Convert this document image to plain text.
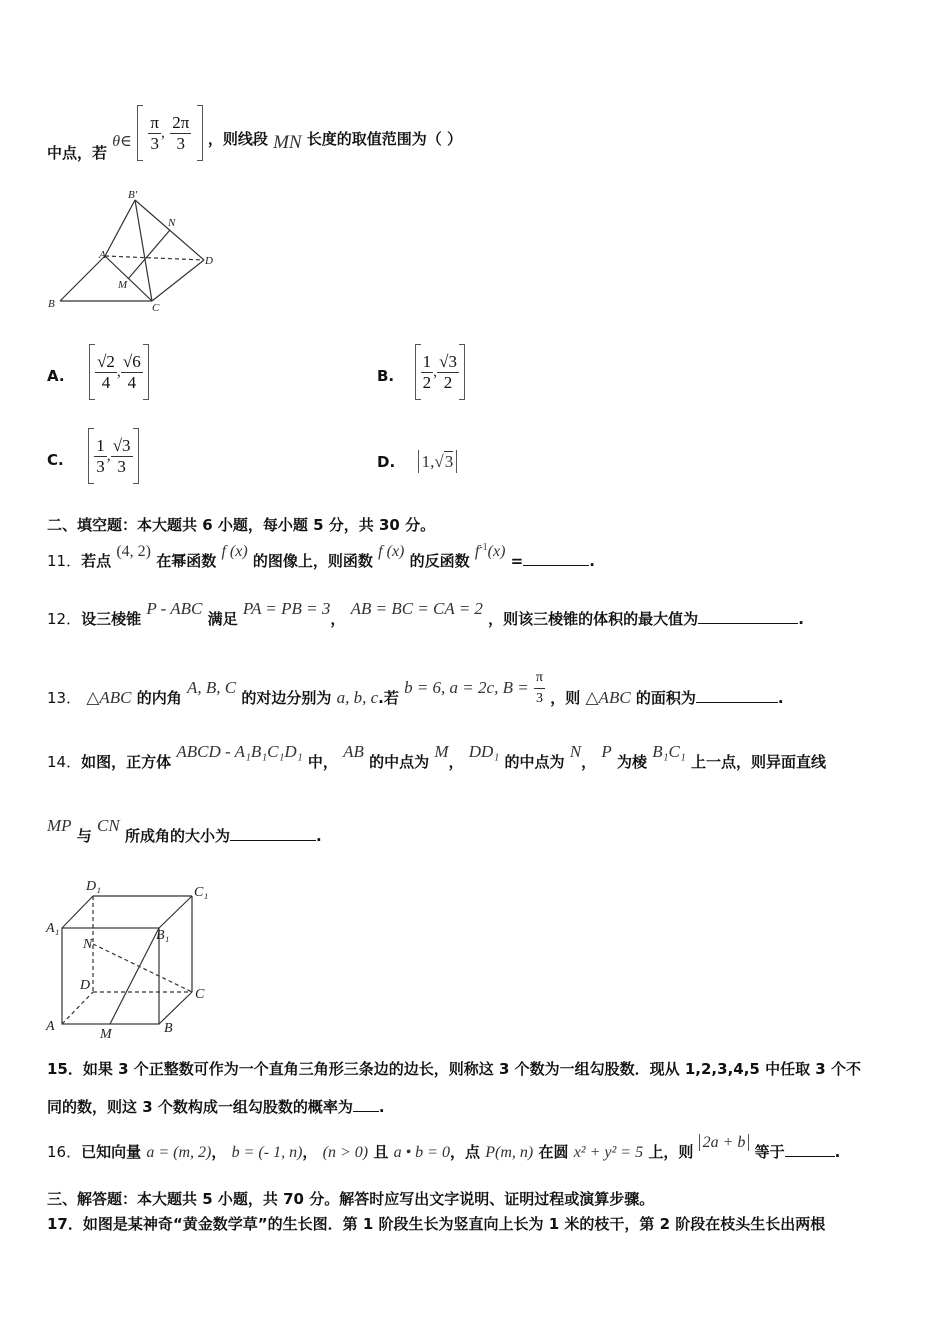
中点，若 θ∈ $\frac{\pi}{3}$ , $\frac{2\pi}{3}$ ，则线段 MN 长度的取值范围为（ ）
B′
N
A	D
M
B	C
A. $\frac{√2}{4}$ , $\frac{√6}{4}$	B. $\frac{1}{2}$ , $\frac{√3}{2}$
C. $\frac{1}{3}$ , $\frac{√3}{3}$	D. 1,√3
二、填空题：本大题共 6 小题，每小题 5 分，共 30 分。
11．若点 (4, 2) 在幂函数 f (x) 的图像上，则函数 f (x) 的反函数 $f^{-1}(x)$ =	.
12．设三棱锥 P - ABC 满足 PA = PB = 3， AB = BC = CA = 2 ，则该三棱锥的体积的最大值为	.
13． △ABC 的内角 A, B, C 的对边分别为 a, b, c.若 b = 6, a = 2c, $B = \frac{\pi}{3}$ ，则 △ABC 的面积为	.
14．如图，正方体 ABCD - A₁B₁C₁D₁ 中， AB 的中点为 M， DD₁ 的中点为 N， P 为棱 B₁C₁ 上一点，则异面直线
MP 与 CN 所成角的大小为	.
D₁	C₁
A₁	B₁
N
D
C
A
M	B
15．如果 3 个正整数可作为一个直角三角形三条边的边长，则称这 3 个数为一组勾股数．现从 1,2,3,4,5 中任取 3 个不
同的数，则这 3 个数构成一组勾股数的概率为 .
16．已知向量 a = (m, 2)， b = (- 1, n)， (n > 0) 且 a • b = 0，点 P(m, n) 在圆 x² + y² = 5 上，则 2a + b 等于	.
三、解答题：本大题共 5 小题，共 70 分。解答时应写出文字说明、证明过程或演算步骤。
17．如图是某神奇“黄金数学草”的生长图．第 1 阶段生长为竖直向上长为 1 米的枝干，第 2 阶段在枝头生长出两根
